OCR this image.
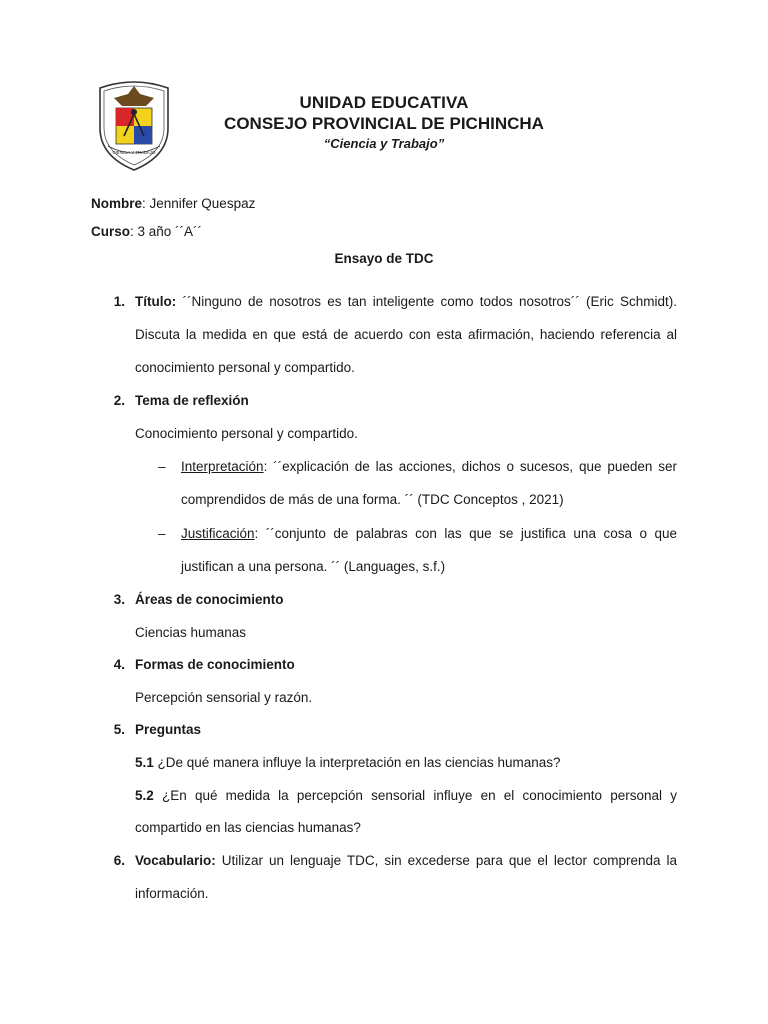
CIENCIA Y TRABAJO
UNIDAD EDUCATIVA
CONSEJO PROVINCIAL DE PICHINCHA
“Ciencia y Trabajo”
Nombre: Jennifer Quespaz
Curso: 3 año ´´A´´
Ensayo de TDC
1. Título: ´´Ninguno de nosotros es tan inteligente como todos nosotros´´ (Eric Schmidt).
Discuta la medida en que está de acuerdo con esta afirmación, haciendo referencia al
conocimiento personal y compartido.
2. Tema de reflexión
Conocimiento personal y compartido.
– Interpretación: ´´explicación de las acciones, dichos o sucesos, que pueden ser
comprendidos de más de una forma. ´´ (TDC Conceptos , 2021)
– Justificación: ´´conjunto de palabras con las que se justifica una cosa o que
justifican a una persona. ´´ (Languages, s.f.)
3. Áreas de conocimiento
Ciencias humanas
4. Formas de conocimiento
Percepción sensorial y razón.
5. Preguntas
5.1 ¿De qué manera influye la interpretación en las ciencias humanas?
5.2 ¿En qué medida la percepción sensorial influye en el conocimiento personal y
compartido en las ciencias humanas?
6. Vocabulario: Utilizar un lenguaje TDC, sin excederse para que el lector comprenda la
información.
